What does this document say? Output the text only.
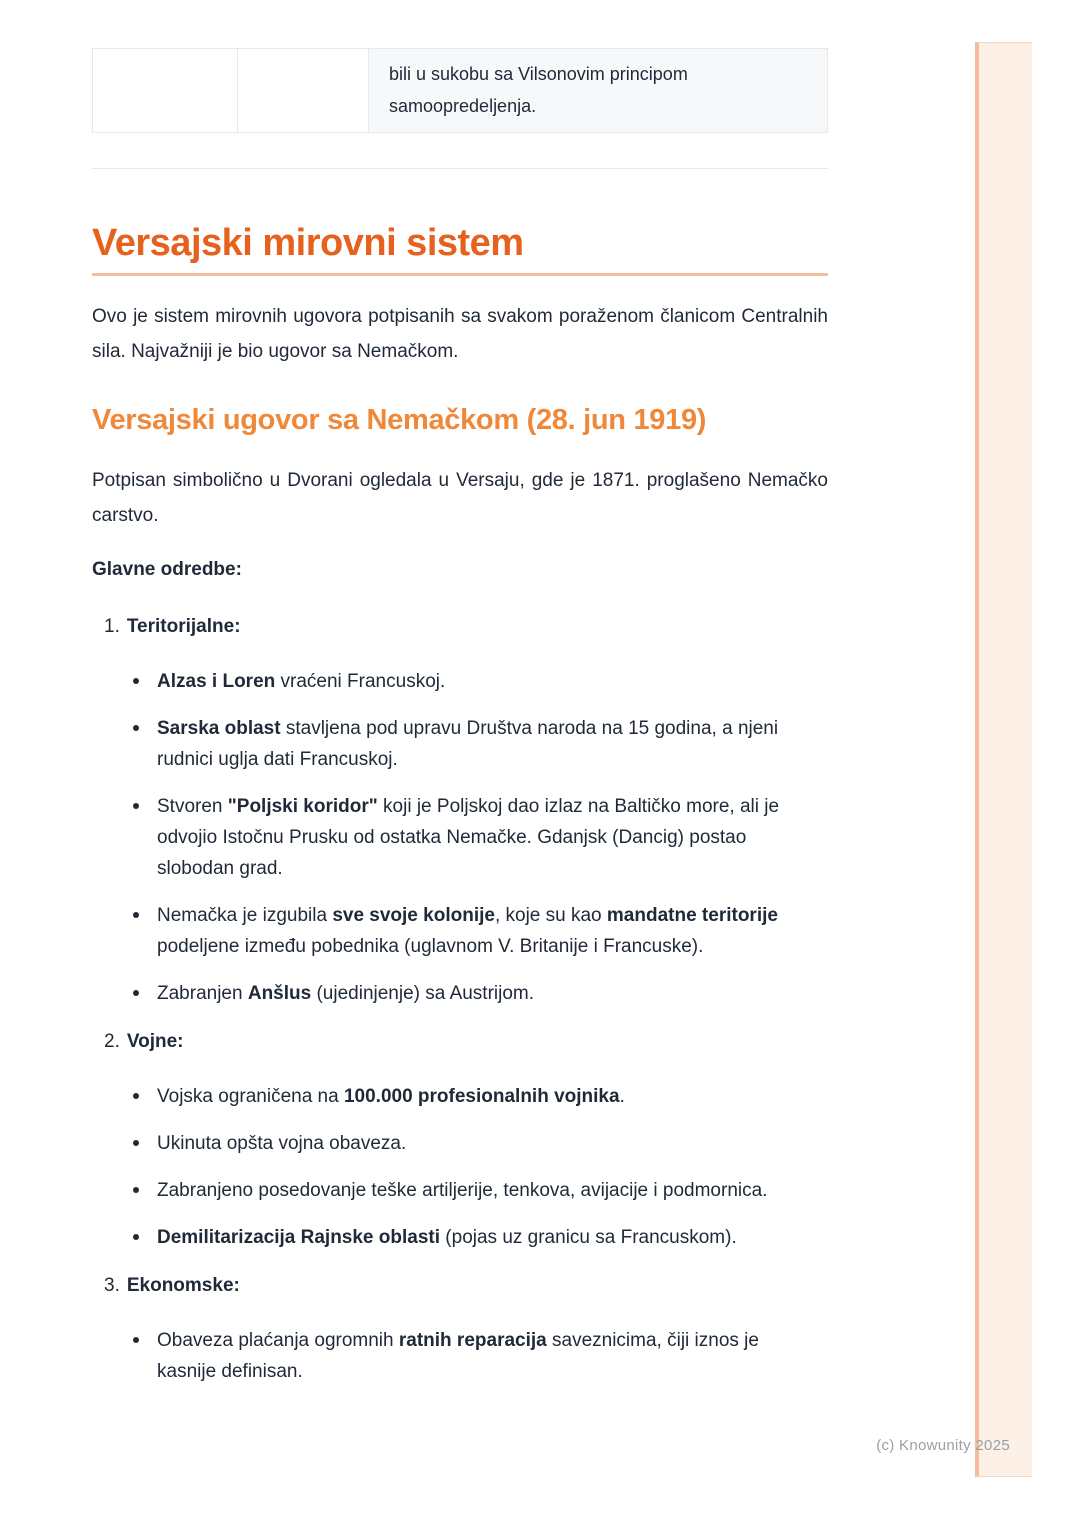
bili u sukobu sa Vilsonovim principom samoopredeljenja.
Versajski mirovni sistem

Ovo je sistem mirovnih ugovora potpisanih sa svakom poraženom članicom Centralnih sila. Najvažniji je bio ugovor sa Nemačkom.

Versajski ugovor sa Nemačkom (28. jun 1919)

Potpisan simbolično u Dvorani ogledala u Versaju, gde je 1871. proglašeno Nemačko carstvo.

Glavne odredbe:

1. Teritorijalne:
Alzas i Loren vraćeni Francuskoj.
Sarska oblast stavljena pod upravu Društva naroda na 15 godina, a njeni rudnici uglja dati Francuskoj.
Stvoren "Poljski koridor" koji je Poljskoj dao izlaz na Baltičko more, ali je odvojio Istočnu Prusku od ostatka Nemačke. Gdanjsk (Dancig) postao slobodan grad.
Nemačka je izgubila sve svoje kolonije, koje su kao mandatne teritorije podeljene između pobednika (uglavnom V. Britanije i Francuske).
Zabranjen Anšlus (ujedinjenje) sa Austrijom.
2. Vojne:
Vojska ograničena na 100.000 profesionalnih vojnika.
Ukinuta opšta vojna obaveza.
Zabranjeno posedovanje teške artiljerije, tenkova, avijacije i podmornica.
Demilitarizacija Rajnske oblasti (pojas uz granicu sa Francuskom).
3. Ekonomske:
Obaveza plaćanja ogromnih ratnih reparacija saveznicima, čiji iznos je kasnije definisan.
(c) Knowunity 2025
